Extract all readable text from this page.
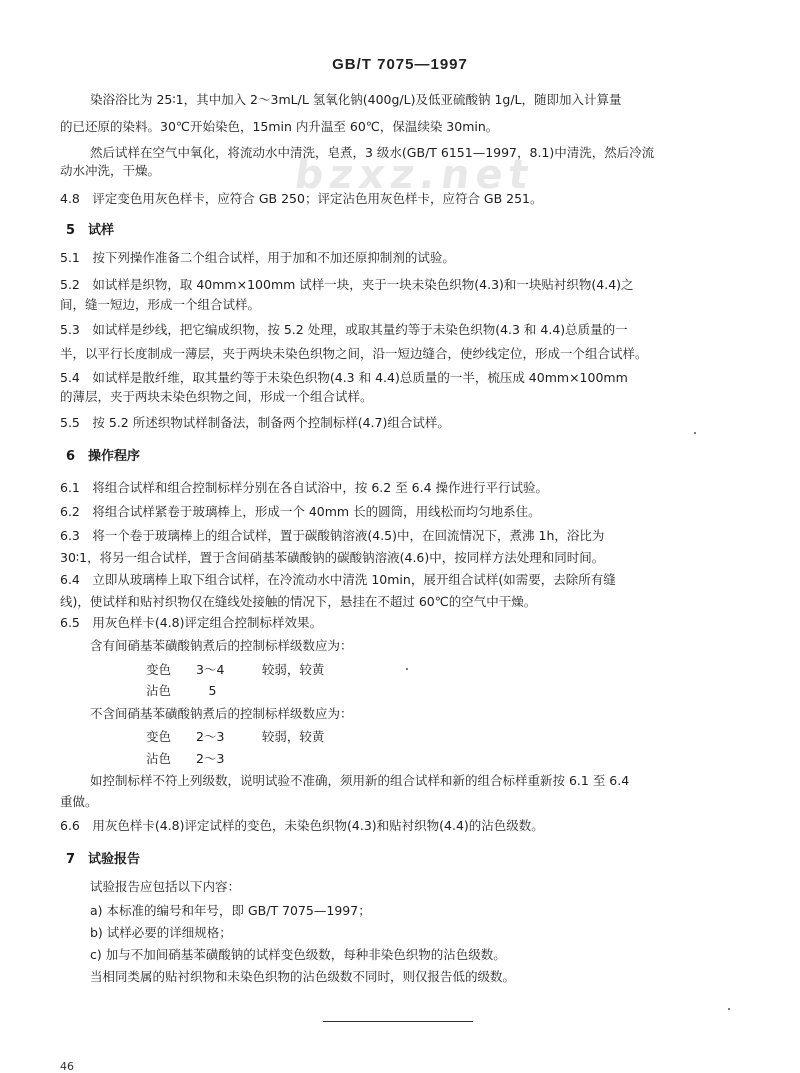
GB/T 7075—1997
bzxz.net
染浴浴比为 25∶1，其中加入 2～3mL/L 氢氧化钠(400g/L)及低亚硫酸钠 1g/L，随即加入计算量
的已还原的染料。30℃开始染色，15min 内升温至 60℃，保温续染 30min。
然后试样在空气中氧化，将流动水中清洗，皂煮，3 级水(GB/T 6151—1997，8.1)中清洗，然后冷流
动水冲洗，干燥。
4.8　评定变色用灰色样卡，应符合 GB 250；评定沾色用灰色样卡，应符合 GB 251。
5　试样
5.1　按下列操作准备二个组合试样，用于加和不加还原抑制剂的试验。
5.2　如试样是织物，取 40mm×100mm 试样一块，夹于一块未染色织物(4.3)和一块贴衬织物(4.4)之
间，缝一短边，形成一个组合试样。
5.3　如试样是纱线，把它编成织物，按 5.2 处理，或取其量约等于未染色织物(4.3 和 4.4)总质量的一
半，以平行长度制成一薄层，夹于两块未染色织物之间，沿一短边缝合，使纱线定位，形成一个组合试样。
5.4　如试样是散纤维，取其量约等于未染色织物(4.3 和 4.4)总质量的一半，梳压成 40mm×100mm
的薄层，夹于两块未染色织物之间，形成一个组合试样。
5.5　按 5.2 所述织物试样制备法，制备两个控制标样(4.7)组合试样。
6　操作程序
6.1　将组合试样和组合控制标样分别在各自试浴中，按 6.2 至 6.4 操作进行平行试验。
6.2　将组合试样紧卷于玻璃棒上，形成一个 40mm 长的圆筒，用线松而均匀地系住。
6.3　将一个卷于玻璃棒上的组合试样，置于碳酸钠溶液(4.5)中，在回流情况下，煮沸 1h，浴比为
30∶1，将另一组合试样，置于含间硝基苯磺酸钠的碳酸钠溶液(4.6)中，按同样方法处理和同时间。
6.4　立即从玻璃棒上取下组合试样，在冷流动水中清洗 10min，展开组合试样(如需要，去除所有缝
线)，使试样和贴衬织物仅在缝线处接触的情况下，悬挂在不超过 60℃的空气中干燥。
6.5　用灰色样卡(4.8)评定组合控制标样效果。
含有间硝基苯磺酸钠煮后的控制标样级数应为：
变色　　3～4　　　较弱，较黄
沾色　　　5
不含间硝基苯磺酸钠煮后的控制标样级数应为：
变色　　2～3　　　较弱，较黄
沾色　　2～3
如控制标样不符上列级数，说明试验不准确，须用新的组合试样和新的组合标样重新按 6.1 至 6.4
重做。
6.6　用灰色样卡(4.8)评定试样的变色，未染色织物(4.3)和贴衬织物(4.4)的沾色级数。
7　试验报告
试验报告应包括以下内容：
a) 本标准的编号和年号，即 GB/T 7075—1997；
b) 试样必要的详细规格；
c) 加与不加间硝基苯磺酸钠的试样变色级数，每种非染色织物的沾色级数。
当相同类属的贴衬织物和未染色织物的沾色级数不同时，则仅报告低的级数。
46
